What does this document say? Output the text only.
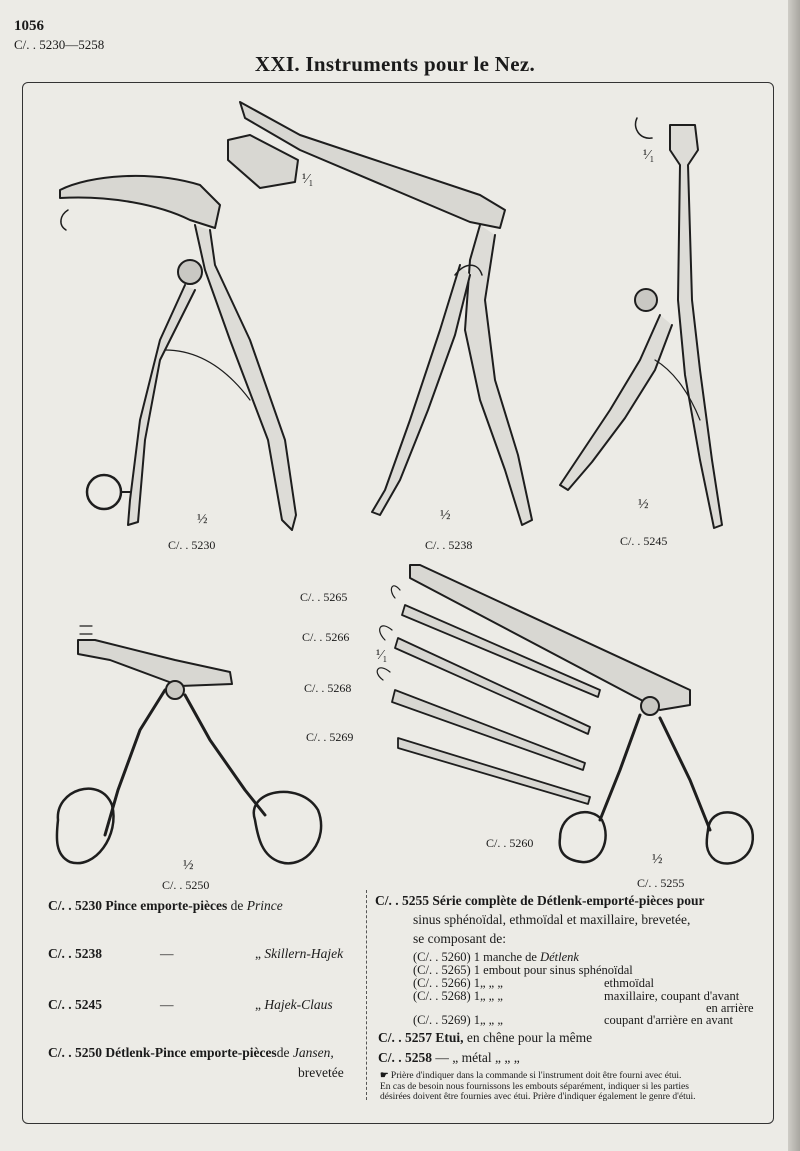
1056
C/. . 5230—5258
XXI. Instruments pour le Nez.
½
C/. . 5230
½
C/. . 5238
½
C/. . 5245
¹⁄₁
¹⁄₁
C/. . 5265
C/. . 5266
C/. . 5268
C/. . 5269
¹⁄₁
½
C/. . 5250
C/. . 5260
½
C/. . 5255
C/. . 5230 Pince emporte-pièces de Prince
C/. . 5238	—	„ Skillern-Hajek
C/. . 5245	—	„ Hajek-Claus
C/. . 5250 Détlenk-Pince emporte-piècesde Jansen,
brevetée
C/. . 5255 Série complète de Détlenk-emporté-pièces pour
sinus sphénoïdal, ethmoïdal et maxillaire, brevetée,
se composant de:
(C/. . 5260) 1 manche de Détlenk
(C/. . 5265) 1 embout pour sinus sphénoïdal
(C/. . 5266) 1 „ „ „	ethmoïdal
(C/. . 5268) 1 „ „ „	maxillaire, coupant d'avant
en arrière
(C/. . 5269) 1 „ „ „	coupant d'arrière en avant
C/. . 5257 Etui, en chêne pour la même
C/. . 5258 — „ métal „ „ „
☛ Prière d'indiquer dans la commande si l'instrument doit être fourni avec étui.
En cas de besoin nous fournissons les embouts séparément, indiquer si les parties
désirées doivent être fournies avec étui. Prière d'indiquer également le genre d'étui.
